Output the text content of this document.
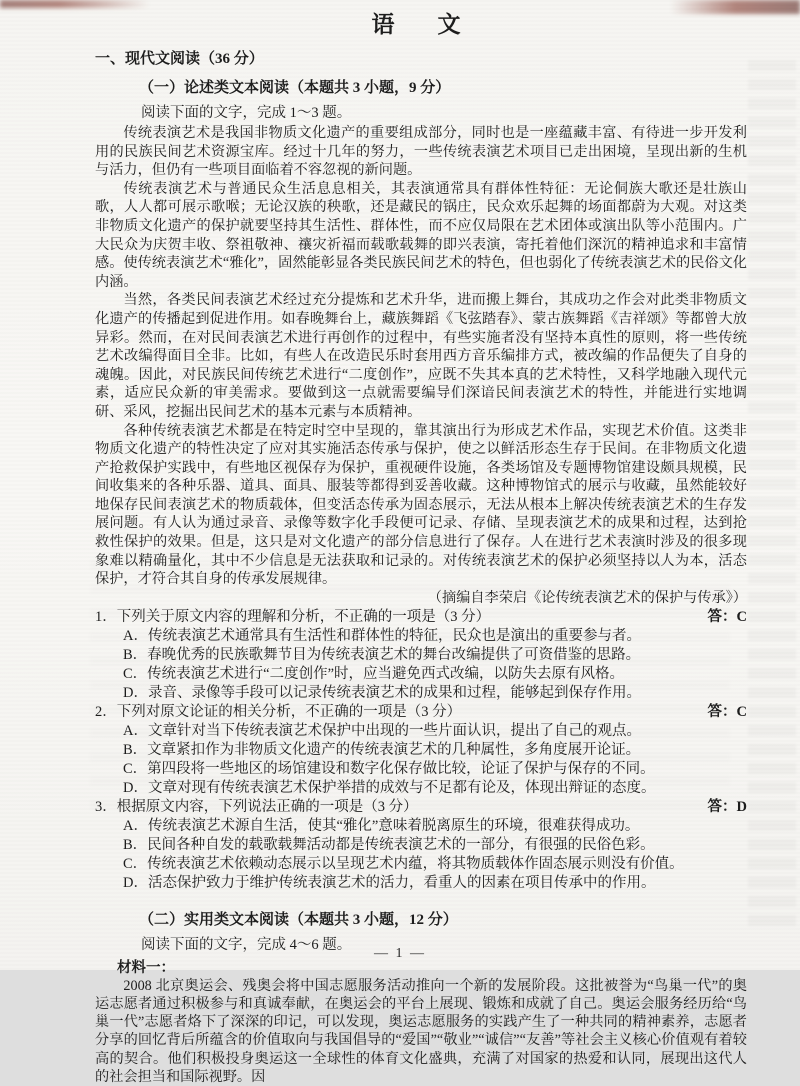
语　文
一、现代文阅读（36 分）
（一）论述类文本阅读（本题共 3 小题，9 分）
阅读下面的文字，完成 1～3 题。

传统表演艺术是我国非物质文化遗产的重要组成部分，同时也是一座蕴藏丰富、有待进一步开发利用的民族民间艺术资源宝库。经过十几年的努力，一些传统表演艺术项目已走出困境，呈现出新的生机与活力，但仍有一些项目面临着不容忽视的新问题。

传统表演艺术与普通民众生活息息相关，其表演通常具有群体性特征：无论侗族大歌还是壮族山歌，人人都可展示歌喉；无论汉族的秧歌，还是藏民的锅庄，民众欢乐起舞的场面都蔚为大观。对这类非物质文化遗产的保护就要坚持其生活性、群体性，而不应仅局限在艺术团体或演出队等小范围内。广大民众为庆贺丰收、祭祖敬神、禳灾祈福而载歌载舞的即兴表演，寄托着他们深沉的精神追求和丰富情感。使传统表演艺术“雅化”，固然能彰显各类民族民间艺术的特色，但也弱化了传统表演艺术的民俗文化内涵。

当然，各类民间表演艺术经过充分提炼和艺术升华，进而搬上舞台，其成功之作会对此类非物质文化遗产的传播起到促进作用。如春晚舞台上，藏族舞蹈《飞弦踏春》、蒙古族舞蹈《吉祥颂》等都曾大放异彩。然而，在对民间表演艺术进行再创作的过程中，有些实施者没有坚持本真性的原则，将一些传统艺术改编得面目全非。比如，有些人在改造民乐时套用西方音乐编排方式，被改编的作品便失了自身的魂魄。因此，对民族民间传统艺术进行“二度创作”，应既不失其本真的艺术特性，又科学地融入现代元素，适应民众新的审美需求。要做到这一点就需要编导们深谙民间表演艺术的特性，并能进行实地调研、采风，挖掘出民间艺术的基本元素与本质精神。

各种传统表演艺术都是在特定时空中呈现的，靠其演出行为形成艺术作品，实现艺术价值。这类非物质文化遗产的特性决定了应对其实施活态传承与保护，使之以鲜活形态生存于民间。在非物质文化遗产抢救保护实践中，有些地区视保存为保护，重视硬件设施，各类场馆及专题博物馆建设颇具规模，民间收集来的各种乐器、道具、面具、服装等都得到妥善收藏。这种博物馆式的展示与收藏，虽然能较好地保存民间表演艺术的物质载体，但变活态传承为固态展示，无法从根本上解决传统表演艺术的生存发展问题。有人认为通过录音、录像等数字化手段便可记录、存储、呈现表演艺术的成果和过程，达到抢救性保护的效果。但是，这只是对文化遗产的部分信息进行了保存。人在进行艺术表演时涉及的很多现象难以精确量化，其中不少信息是无法获取和记录的。对传统表演艺术的保护必须坚持以人为本，活态保护，才符合其自身的传承发展规律。

（摘编自李荣启《论传统表演艺术的保护与传承》）

1．下列关于原文内容的理解和分析，不正确的一项是（3 分）	答：C
A．传统表演艺术通常具有生活性和群体性的特征，民众也是演出的重要参与者。
B．春晚优秀的民族歌舞节目为传统表演艺术的舞台改编提供了可资借鉴的思路。
C．传统表演艺术进行“二度创作”时，应当避免西式改编，以防失去原有风格。
D．录音、录像等手段可以记录传统表演艺术的成果和过程，能够起到保存作用。
2．下列对原文论证的相关分析，不正确的一项是（3 分）	答：C
A．文章针对当下传统表演艺术保护中出现的一些片面认识，提出了自己的观点。
B．文章紧扣作为非物质文化遗产的传统表演艺术的几种属性，多角度展开论证。
C．第四段将一些地区的场馆建设和数字化保存做比较，论证了保护与保存的不同。
D．文章对现有传统表演艺术保护举措的成效与不足都有论及，体现出辩证的态度。
3．根据原文内容，下列说法正确的一项是（3 分）	答：D
A．传统表演艺术源自生活，使其“雅化”意味着脱离原生的环境，很难获得成功。
B．民间各种自发的载歌载舞活动都是传统表演艺术的一部分，有很强的民俗色彩。
C．传统表演艺术依赖动态展示以呈现艺术内蕴，将其物质载体作固态展示则没有价值。
D．活态保护致力于维护传统表演艺术的活力，看重人的因素在项目传承中的作用。
（二）实用类文本阅读（本题共 3 小题，12 分）
阅读下面的文字，完成 4～6 题。
材料一：

2008 北京奥运会、残奥会将中国志愿服务活动推向一个新的发展阶段。这批被誉为“鸟巢一代”的奥运志愿者通过积极参与和真诚奉献，在奥运会的平台上展现、锻炼和成就了自己。奥运会服务经历给“鸟巢一代”志愿者烙下了深深的印记，可以发现，奥运志愿服务的实践产生了一种共同的精神素养，志愿者分享的回忆背后所蕴含的价值取向与我国倡导的“爱国”“敬业”“诚信”“友善”等社会主义核心价值观有着较高的契合。他们积极投身奥运这一全球性的体育文化盛典，充满了对国家的热爱和认同，展现出这代人的社会担当和国际视野。因

— 1 —
